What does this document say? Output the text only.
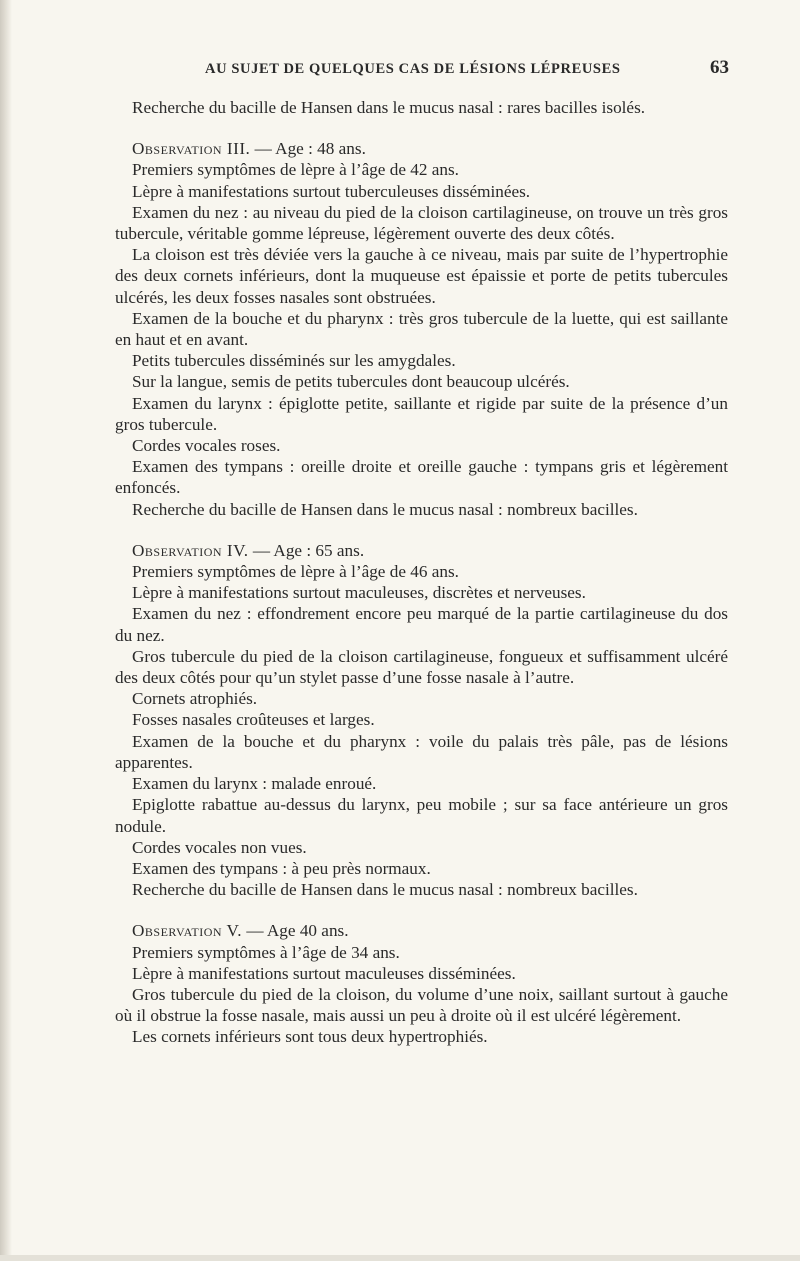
AU SUJET DE QUELQUES CAS DE LÉSIONS LÉPREUSES	63

Recherche du bacille de Hansen dans le mucus nasal : rares bacilles isolés.

Observation III. — Age : 48 ans.

Premiers symptômes de lèpre à l’âge de 42 ans.

Lèpre à manifestations surtout tuberculeuses disséminées.

Examen du nez : au niveau du pied de la cloison cartilagineuse, on trouve un très gros tubercule, véritable gomme lépreuse, légèrement ouverte des deux côtés.

La cloison est très déviée vers la gauche à ce niveau, mais par suite de l’hypertrophie des deux cornets inférieurs, dont la muqueuse est épaissie et porte de petits tubercules ulcérés, les deux fosses nasales sont obstruées.

Examen de la bouche et du pharynx : très gros tubercule de la luette, qui est saillante en haut et en avant.

Petits tubercules disséminés sur les amygdales.

Sur la langue, semis de petits tubercules dont beaucoup ulcérés.

Examen du larynx : épiglotte petite, saillante et rigide par suite de la présence d’un gros tubercule.

Cordes vocales roses.

Examen des tympans : oreille droite et oreille gauche : tympans gris et légèrement enfoncés.

Recherche du bacille de Hansen dans le mucus nasal : nombreux bacilles.

Observation IV. — Age : 65 ans.

Premiers symptômes de lèpre à l’âge de 46 ans.

Lèpre à manifestations surtout maculeuses, discrètes et nerveuses.

Examen du nez : effondrement encore peu marqué de la partie cartilagineuse du dos du nez.

Gros tubercule du pied de la cloison cartilagineuse, fongueux et suffisamment ulcéré des deux côtés pour qu’un stylet passe d’une fosse nasale à l’autre.

Cornets atrophiés.

Fosses nasales croûteuses et larges.

Examen de la bouche et du pharynx : voile du palais très pâle, pas de lésions apparentes.

Examen du larynx : malade enroué.

Epiglotte rabattue au-dessus du larynx, peu mobile ; sur sa face antérieure un gros nodule.

Cordes vocales non vues.

Examen des tympans : à peu près normaux.

Recherche du bacille de Hansen dans le mucus nasal : nombreux bacilles.

Observation V. — Age 40 ans.

Premiers symptômes à l’âge de 34 ans.

Lèpre à manifestations surtout maculeuses disséminées.

Gros tubercule du pied de la cloison, du volume d’une noix, saillant surtout à gauche où il obstrue la fosse nasale, mais aussi un peu à droite où il est ulcéré légèrement.

Les cornets inférieurs sont tous deux hypertrophiés.
